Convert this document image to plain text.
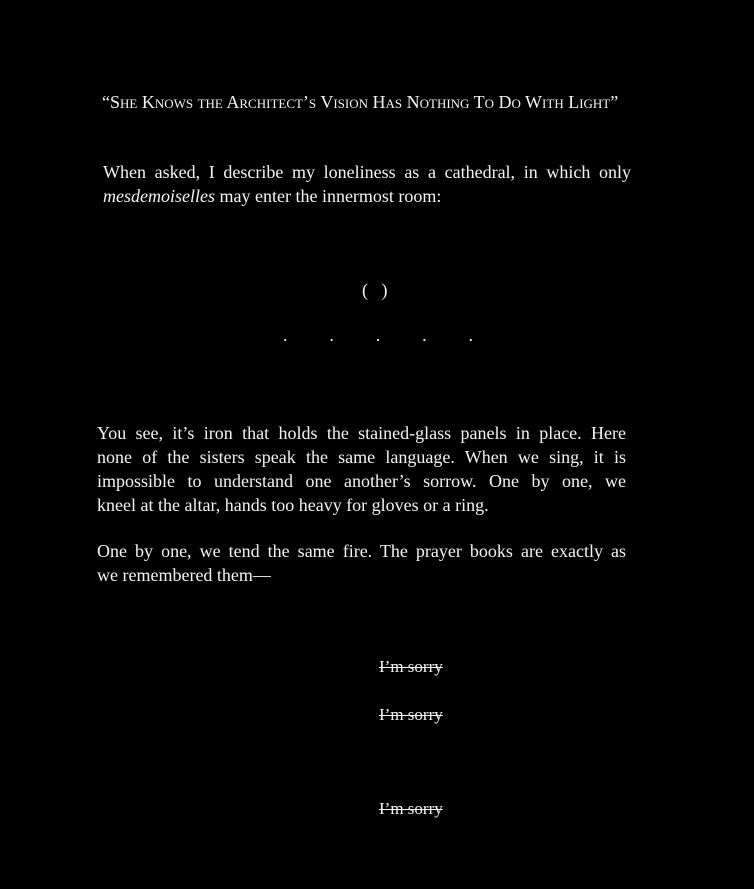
“She Knows the Architect’s Vision Has Nothing To Do With Light”
When asked, I describe my loneliness as a cathedral, in which only
mesdemoiselles may enter the innermost room:
(   )
. . . . .
You see, it’s iron that holds the stained-glass panels in place. Here
none of the sisters speak the same language. When we sing, it is
impossible to understand one another’s sorrow. One by one, we
kneel at the altar, hands too heavy for gloves or a ring.
One by one, we tend the same fire. The prayer books are exactly as
we remembered them—
I’m sorry
I’m sorry
I’m sorry
